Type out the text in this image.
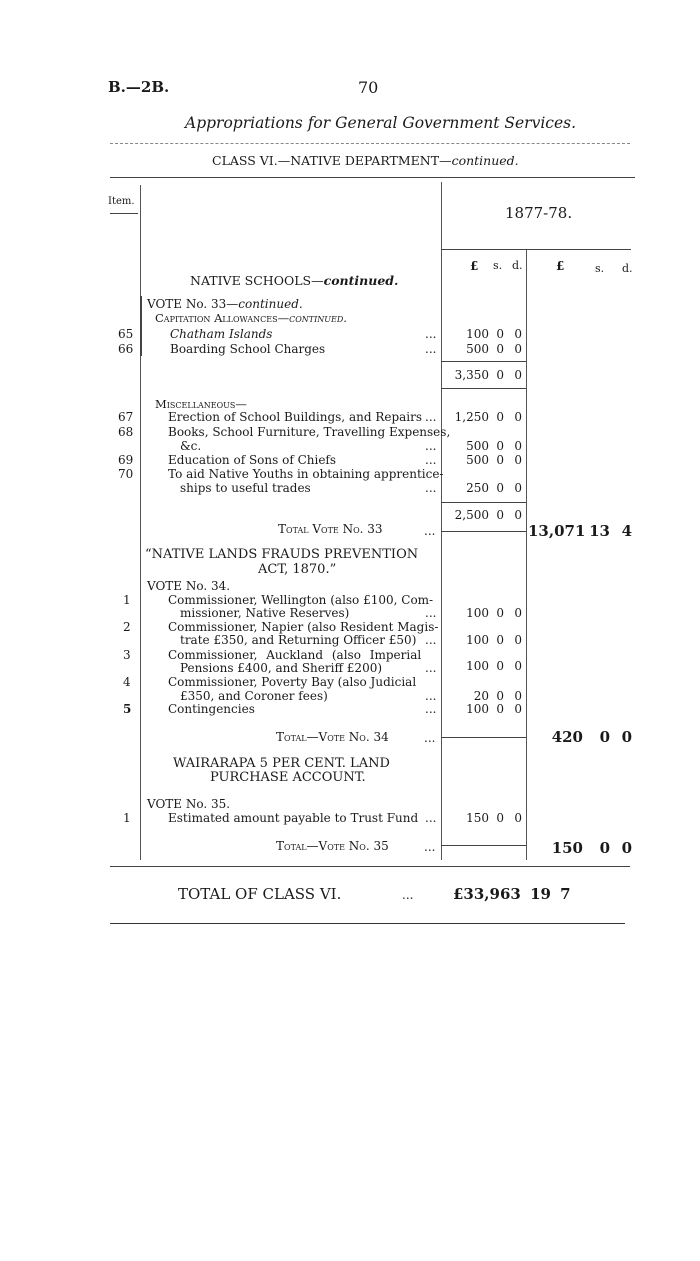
B.—2B.	70
Appropriations for General Government Services.
CLASS VI.—NATIVE DEPARTMENT—continued.
Item.
1877-78.
£ s. d.	£	s. d.
NATIVE SCHOOLS—continued.
VOTE No. 33—continued.
Capitation Allowances—continued.
65	Chatham Islands	...	100 0 0
66	Boarding School Charges	...	500 0 0
3,350 0 0
Miscellaneous—
67	Erection of School Buildings, and Repairs ...	1,250 0 0
68	Books, School Furniture, Travelling Expenses,
&c.	...	500 0 0
69	Education of Sons of Chiefs	...	500 0 0
70	To aid Native Youths in obtaining apprentice-
ships to useful trades	...	250 0 0
2,500 0 0
Total Vote No. 33	...	13,071 13 4
“NATIVE LANDS FRAUDS PREVENTION
ACT, 1870.”
VOTE No. 34.
1	Commissioner, Wellington (also £100, Com-
missioner, Native Reserves)	...	100 0 0
2	Commissioner, Napier (also Resident Magis-
trate £350, and Returning Officer £50) ...	100 0 0
3	Commissioner, Auckland (also Imperial
Pensions £400, and Sheriff £200)	...	100 0 0
4	Commissioner, Poverty Bay (also Judicial
£350, and Coroner fees)	...	20 0 0
5	Contingencies	...	100 0 0
Total—Vote No. 34	...	420	0 0
WAIRARAPA 5 PER CENT. LAND
PURCHASE ACCOUNT.
VOTE No. 35.
1	Estimated amount payable to Trust Fund ...	150 0 0
Total—Vote No. 35	...	150	0 0
TOTAL OF CLASS VI.	...	£33,963 19 7
